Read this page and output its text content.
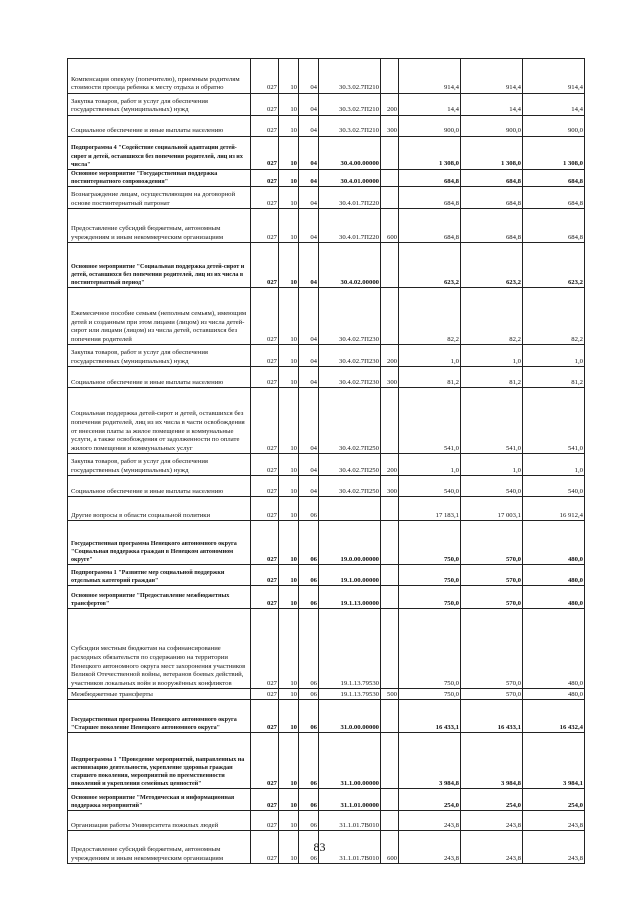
Компенсация опекуну (попечителю), приемным родителям стоимости проезда ребенка к месту отдыха и обратно	027	10	04	30.3.02.7П210		914,4	914,4	914,4
Закупка товаров, работ и услуг для обеспечения государственных (муниципальных) нужд	027	10	04	30.3.02.7П210	200	14,4	14,4	14,4
Социальное обеспечение и иные выплаты населению	027	10	04	30.3.02.7П210	300	900,0	900,0	900,0
Подпрограмма 4 "Содействие социальной адаптации детей-сирот и детей, оставшихся без попечения родителей, лиц из их числа"	027	10	04	30.4.00.00000		1 308,0	1 308,0	1 308,0
Основное мероприятие "Государственная поддержка постинтернатного сопровождения"	027	10	04	30.4.01.00000		684,8	684,8	684,8
Вознаграждение лицам, осуществляющим на договорной основе постинтернатный патронат	027	10	04	30.4.01.7П220		684,8	684,8	684,8
Предоставление субсидий бюджетным, автономным учреждениям и иным некоммерческим организациям	027	10	04	30.4.01.7П220	600	684,8	684,8	684,8
Основное мероприятие "Социальная поддержка детей-сирот и детей, оставшихся без попечения родителей, лиц из их числа в постинтернатный период"	027	10	04	30.4.02.00000		623,2	623,2	623,2
Ежемесячное пособие семьям (неполным семьям), имеющим детей и созданным при этом лицами (лицом) из числа детей-сирот или лицами (лицом) из числа детей, оставшихся без попечения родителей	027	10	04	30.4.02.7П230		82,2	82,2	82,2
Закупка товаров, работ и услуг для обеспечения государственных (муниципальных) нужд	027	10	04	30.4.02.7П230	200	1,0	1,0	1,0
Социальное обеспечение и иные выплаты населению	027	10	04	30.4.02.7П230	300	81,2	81,2	81,2
Социальная поддержка детей-сирот и детей, оставшихся без попечения родителей, лиц из их числа в части освобождения от внесения платы за жилое помещение и коммунальные услуги, а также освобождения от задолженности по оплате жилого помещения и коммунальных услуг	027	10	04	30.4.02.7П250		541,0	541,0	541,0
Закупка товаров, работ и услуг для обеспечения государственных (муниципальных) нужд	027	10	04	30.4.02.7П250	200	1,0	1,0	1,0
Социальное обеспечение и иные выплаты населению	027	10	04	30.4.02.7П250	300	540,0	540,0	540,0
Другие вопросы в области социальной политики	027	10	06			17 183,1	17 003,1	16 912,4
Государственная программа Ненецкого автономного округа "Социальная поддержка граждан в Ненецком автономном округе"	027	10	06	19.0.00.00000		750,0	570,0	480,0
Подпрограмма 1 "Развитие мер социальной поддержки отдельных категорий граждан"	027	10	06	19.1.00.00000		750,0	570,0	480,0
Основное мероприятие "Предоставление межбюджетных трансфертов"	027	10	06	19.1.13.00000		750,0	570,0	480,0
Субсидии местным бюджетам на софинансирование расходных обязательств по содержанию на территории Ненецкого автономного округа мест захоронения участников Великой Отечественной войны, ветеранов боевых действий, участников локальных войн и вооружённых конфликтов	027	10	06	19.1.13.79530		750,0	570,0	480,0
Межбюджетные трансферты	027	10	06	19.1.13.79530	500	750,0	570,0	480,0
Государственная программа Ненецкого автономного округа "Старшее поколение Ненецкого автономного округа"	027	10	06	31.0.00.00000		16 433,1	16 433,1	16 432,4
Подпрограмма 1 "Проведение мероприятий, направленных на активизацию деятельности, укрепление здоровья граждан старшего поколения, мероприятий по преемственности поколений и укрепления семейных ценностей"	027	10	06	31.1.00.00000		3 984,8	3 984,8	3 984,1
Основное мероприятие "Методическая и информационная поддержка мероприятий"	027	10	06	31.1.01.00000		254,0	254,0	254,0
Организация работы Университета пожилых людей	027	10	06	31.1.01.7В010		243,8	243,8	243,8
Предоставление субсидий бюджетным, автономным учреждениям и иным некоммерческим организациям	027	10	06	31.1.01.7В010	600	243,8	243,8	243,8
83
